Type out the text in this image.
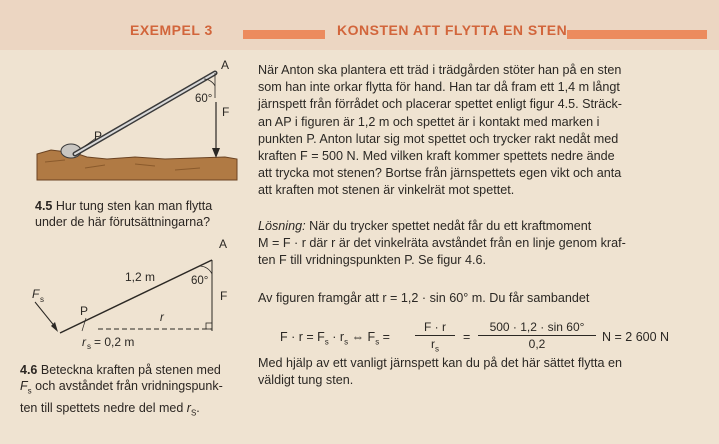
EXEMPEL 3	KONSTEN ATT FLYTTA EN STEN
A
F
60°
P
4.5 Hur tung sten kan man flytta
under de här förutsättningarna?
A
F
1,2 m	60°
P	r
F s
r s = 0,2 m
4.6 Beteckna kraften på stenen med
$F_s$ och avståndet från vridningspunk-
ten till spettets nedre del med $r_S$.
När Anton ska plantera ett träd i trädgården stöter han på en sten
som han inte orkar flytta för hand. Han tar då fram ett 1,4 m långt
järnspett från förrådet och placerar spettet enligt figur 4.5. Sträck-
an AP i figuren är 1,2 m och spettet är i kontakt med marken i
punkten P. Anton lutar sig mot spettet och trycker rakt nedåt med
kraften F = 500 N. Med vilken kraft kommer spettets nedre ände
att trycka mot stenen? Bortse från järnspettets egen vikt och anta
att kraften mot stenen är vinkelrät mot spettet.
Lösning: När du trycker spettet nedåt får du ett kraftmoment
M = F · r där r är det vinkelräta avståndet från en linje genom kraf-
ten F till vridningspunkten P. Se figur 4.6.
Av figuren framgår att r = 1,2 · sin 60° m. Du får sambandet
$F \cdot r = F_s \cdot r_s$ ⇔ $F_s$ =
F · r
$r_s$
=
500 · 1,2 · sin 60°
0,2	N = 2 600 N
Med hjälp av ett vanligt järnspett kan du på det här sättet flytta en
väldigt tung sten.
